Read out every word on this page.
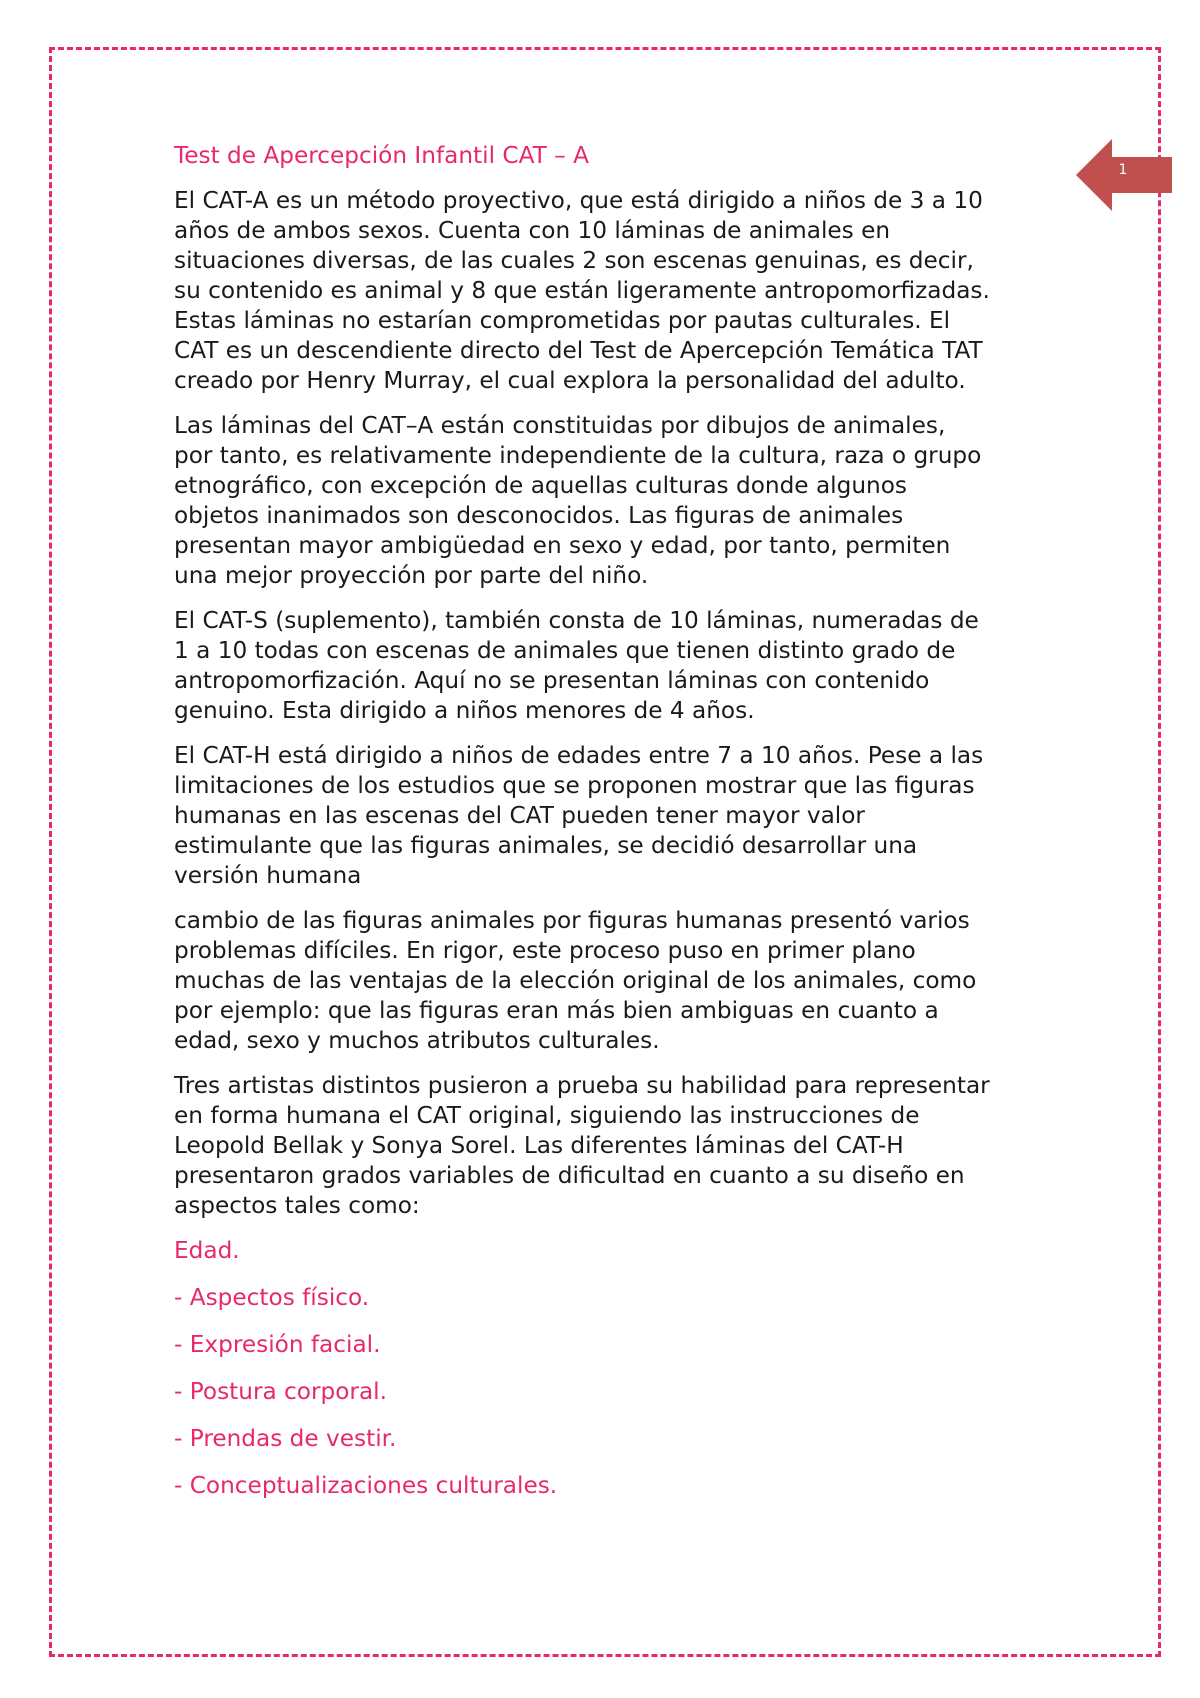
1
Test de Apercepción Infantil CAT – A

El CAT-A es un método proyectivo, que está dirigido a niños de 3 a 10
años de ambos sexos. Cuenta con 10 láminas de animales en
situaciones diversas, de las cuales 2 son escenas genuinas, es decir,
su contenido es animal y 8 que están ligeramente antropomorfizadas.
Estas láminas no estarían comprometidas por pautas culturales. El
CAT es un descendiente directo del Test de Apercepción Temática TAT
creado por Henry Murray, el cual explora la personalidad del adulto.

Las láminas del CAT–A están constituidas por dibujos de animales,
por tanto, es relativamente independiente de la cultura, raza o grupo
etnográfico, con excepción de aquellas culturas donde algunos
objetos inanimados son desconocidos. Las figuras de animales
presentan mayor ambigüedad en sexo y edad, por tanto, permiten
una mejor proyección por parte del niño.

El CAT-S (suplemento), también consta de 10 láminas, numeradas de
1 a 10 todas con escenas de animales que tienen distinto grado de
antropomorfización. Aquí no se presentan láminas con contenido
genuino. Esta dirigido a niños menores de 4 años.

El CAT-H está dirigido a niños de edades entre 7 a 10 años. Pese a las
limitaciones de los estudios que se proponen mostrar que las figuras
humanas en las escenas del CAT pueden tener mayor valor
estimulante que las figuras animales, se decidió desarrollar una
versión humana

cambio de las figuras animales por figuras humanas presentó varios
problemas difíciles. En rigor, este proceso puso en primer plano
muchas de las ventajas de la elección original de los animales, como
por ejemplo: que las figuras eran más bien ambiguas en cuanto a
edad, sexo y muchos atributos culturales.

Tres artistas distintos pusieron a prueba su habilidad para representar
en forma humana el CAT original, siguiendo las instrucciones de
Leopold Bellak y Sonya Sorel. Las diferentes láminas del CAT-H
presentaron grados variables de dificultad en cuanto a su diseño en
aspectos tales como:

Edad.
- Aspectos físico.
- Expresión facial.
- Postura corporal.
- Prendas de vestir.
- Conceptualizaciones culturales.
